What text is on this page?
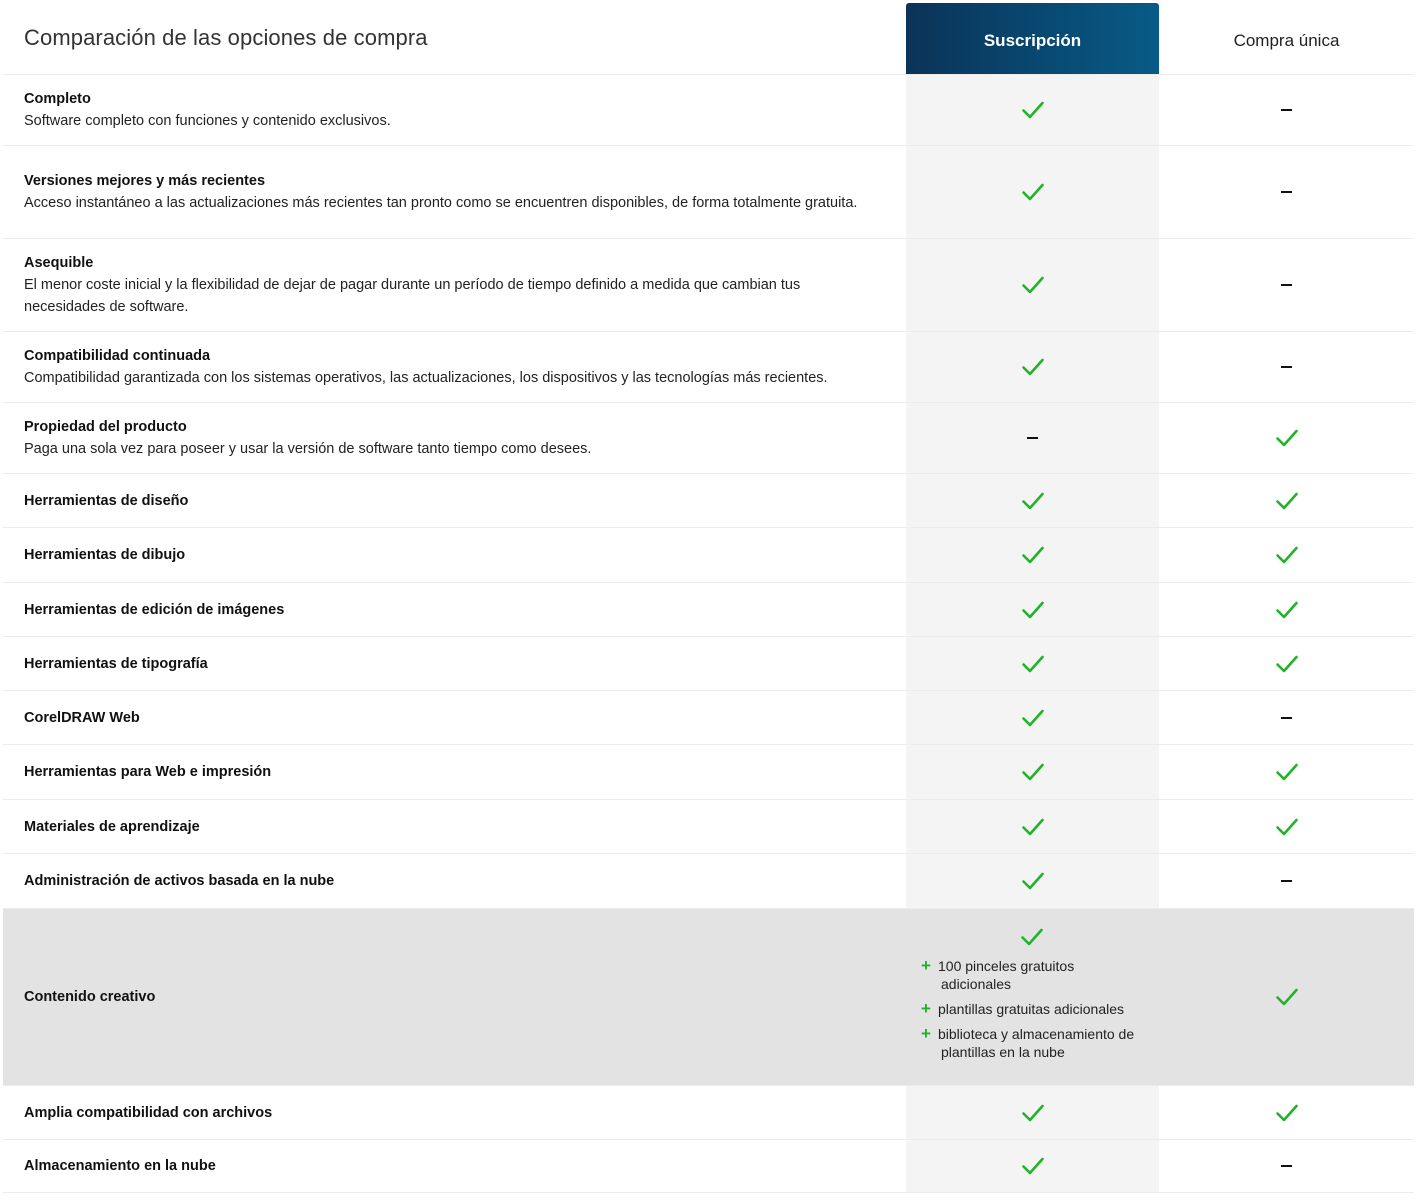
Comparación de las opciones de compra	Suscripción	Compra única
Completo
Software completo con funciones y contenido exclusivos.
Versiones mejores y más recientes
Acceso instantáneo a las actualizaciones más recientes tan pronto como se encuentren disponibles, de forma totalmente gratuita.
Asequible
El menor coste inicial y la flexibilidad de dejar de pagar durante un período de tiempo definido a medida que cambian tus necesidades de software.
Compatibilidad continuada
Compatibilidad garantizada con los sistemas operativos, las actualizaciones, los dispositivos y las tecnologías más recientes.
Propiedad del producto
Paga una sola vez para poseer y usar la versión de software tanto tiempo como desees.
Herramientas de diseño
Herramientas de dibujo
Herramientas de edición de imágenes
Herramientas de tipografía
CorelDRAW Web
Herramientas para Web e impresión
Materiales de aprendizaje
Administración de activos basada en la nube
Contenido creativo
+ 100 pinceles gratuitos
adicionales
+ plantillas gratuitas adicionales
+ biblioteca y almacenamiento de
plantillas en la nube
Amplia compatibilidad con archivos
Almacenamiento en la nube
